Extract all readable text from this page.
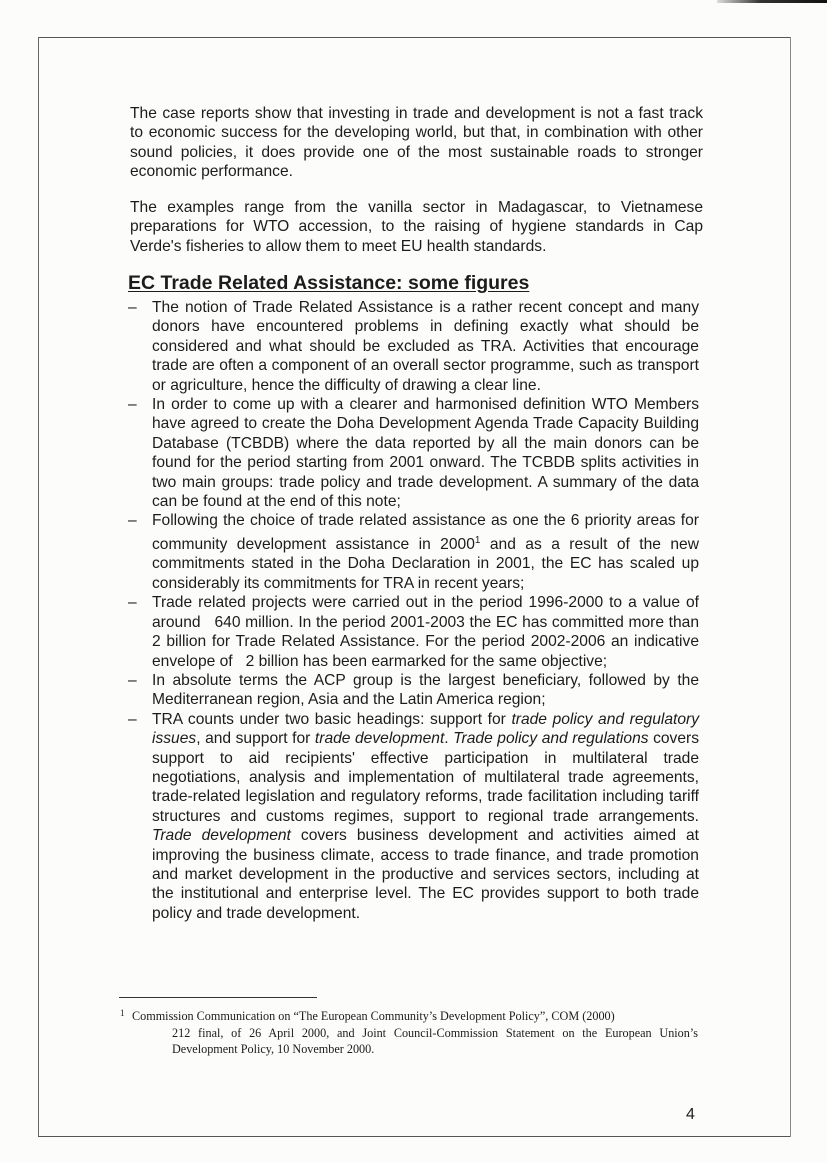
The case reports show that investing in trade and development is not a fast track to economic success for the developing world, but that, in combination with other sound policies, it does provide one of the most sustainable roads to stronger economic performance.

The examples range from the vanilla sector in Madagascar, to Vietnamese preparations for WTO accession, to the raising of hygiene standards in Cap Verde's fisheries to allow them to meet EU health standards.

EC Trade Related Assistance: some figures
– The notion of Trade Related Assistance is a rather recent concept and many donors have encountered problems in defining exactly what should be considered and what should be excluded as TRA. Activities that encourage trade are often a component of an overall sector programme, such as transport or agriculture, hence the difficulty of drawing a clear line.
– In order to come up with a clearer and harmonised definition WTO Members have agreed to create the Doha Development Agenda Trade Capacity Building Database (TCBDB) where the data reported by all the main donors can be found for the period starting from 2001 onward. The TCBDB splits activities in two main groups: trade policy and trade development. A summary of the data can be found at the end of this note;
– Following the choice of trade related assistance as one the 6 priority areas for community development assistance in 2000$^1$ and as a result of the new commitments stated in the Doha Declaration in 2001, the EC has scaled up considerably its commitments for TRA in recent years;
– Trade related projects were carried out in the period 1996-2000 to a value of around   640 million. In the period 2001-2003 the EC has committed more than   2 billion for Trade Related Assistance. For the period 2002-2006 an indicative envelope of   2 billion has been earmarked for the same objective;
– In absolute terms the ACP group is the largest beneficiary, followed by the Mediterranean region, Asia and the Latin America region;
– TRA counts under two basic headings: support for trade policy and regulatory issues, and support for trade development. Trade policy and regulations covers support to aid recipients' effective participation in multilateral trade negotiations, analysis and implementation of multilateral trade agreements, trade-related legislation and regulatory reforms, trade facilitation including tariff structures and customs regimes, support to regional trade arrangements. Trade development covers business development and activities aimed at improving the business climate, access to trade finance, and trade promotion and market development in the productive and services sectors, including at the institutional and enterprise level. The EC provides support to both trade policy and trade development.

1 Commission Communication on “The European Community’s Development Policy”, COM (2000)
212 final, of 26 April 2000, and Joint Council-Commission Statement on the European Union’s Development Policy, 10 November 2000.

4
